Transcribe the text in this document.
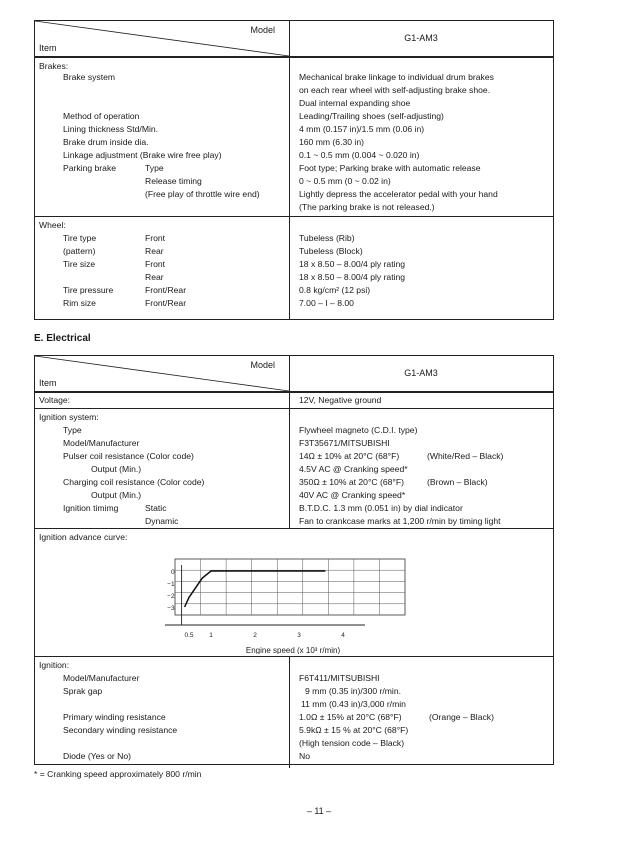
Model
Item
G1-AM3
Brakes:
Brake system	Mechanical brake linkage to individual drum brakes
on each rear wheel with self-adjusting brake shoe.
Dual internal expanding shoe
Method of operation	Leading/Trailing shoes (self-adjusting)
Lining thickness Std/Min.	4 mm (0.157 in)/1.5 mm (0.06 in)
Brake drum inside dia.	160 mm (6.30 in)
Linkage adjustment (Brake wire free play)	0.1 ~ 0.5 mm (0.004 ~ 0.020 in)
Parking brake	Type	Foot type; Parking brake with automatic release
Release timing	0 ~ 0.5 mm (0 ~ 0.02 in)
(Free play of throttle wire end)	Lightly depress the accelerator pedal with your hand
(The parking brake is not released.)
Wheel:
Tire type	Front	Tubeless (Rib)
(pattern)	Rear	Tubeless (Block)
Tire size	Front	18 x 8.50 – 8.00/4 ply rating
Rear	18 x 8.50 – 8.00/4 ply rating
Tire pressure	Front/Rear	0.8 kg/cm² (12 psi)
Rim size	Front/Rear	7.00 – I – 8.00
E. Electrical
Model
Item
G1-AM3
Voltage:	12V, Negative ground
Ignition system:
Type	Flywheel magneto (C.D.I. type)
Model/Manufacturer	F3T35671/MITSUBISHI
Pulser coil resistance (Color code)	14Ω ± 10% at 20°C (68°F)	(White/Red – Black)
Output (Min.)	4.5V AC @ Cranking speed*
Charging coil resistance (Color code)	350Ω ± 10% at 20°C (68°F)	(Brown – Black)
Output (Min.)	40V AC @ Cranking speed*
Ignition timimg	Static	B.T.D.C. 1.3 mm (0.051 in) by dial indicator
Dynamic	Fan to crankcase marks at 1,200 r/min by timing light
Ignition advance curve:
0
−1
−2
−3
0.5 1	2	3	4
Engine speed (x 10³ r/min)
Ignition:
Model/Manufacturer	F6T411/MITSUBISHI
Sprak gap	9 mm (0.35 in)/300 r/min.
11 mm (0.43 in)/3,000 r/min
Primary winding resistance	1.0Ω ± 15% at 20°C (68°F)	(Orange – Black)
Secondary winding resistance	5.9kΩ ± 15 % at 20°C (68°F)
(High tension code – Black)
Diode (Yes or No)	No
* = Cranking speed approximately 800 r/min
– 11 –
